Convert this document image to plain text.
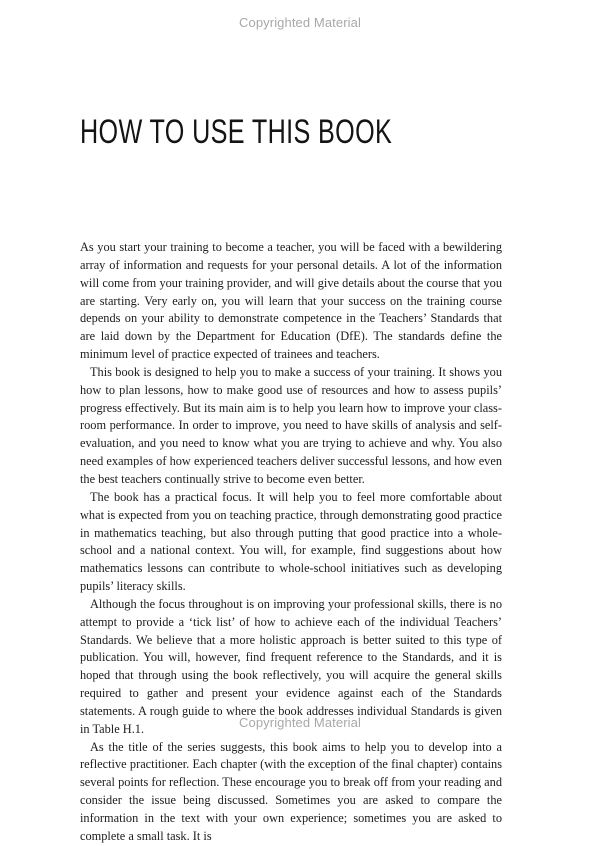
Copyrighted Material
HOW TO USE THIS BOOK

As you start your training to become a teacher, you will be faced with a bewildering array of information and requests for your personal details. A lot of the information will come from your training provider, and will give details about the course that you are starting. Very early on, you will learn that your success on the training course depends on your ability to demonstrate competence in the Teachers’ Standards that are laid down by the Department for Education (DfE). The standards define the minimum level of practice expected of trainees and teachers.

This book is designed to help you to make a success of your training. It shows you how to plan lessons, how to make good use of resources and how to assess pupils’ progress effectively. But its main aim is to help you learn how to improve your classroom performance. In order to improve, you need to have skills of analysis and self-evaluation, and you need to know what you are trying to achieve and why. You also need examples of how experienced teachers deliver successful lessons, and how even the best teachers continually strive to become even better.

The book has a practical focus. It will help you to feel more comfortable about what is expected from you on teaching practice, through demonstrating good practice in mathematics teaching, but also through putting that good practice into a whole-school and a national context. You will, for example, find suggestions about how mathematics lessons can contribute to whole-school initiatives such as developing pupils’ literacy skills.

Although the focus throughout is on improving your professional skills, there is no attempt to provide a ‘tick list’ of how to achieve each of the individual Teachers’ Standards. We believe that a more holistic approach is better suited to this type of publication. You will, however, find frequent reference to the Standards, and it is hoped that through using the book reflectively, you will acquire the general skills required to gather and present your evidence against each of the Standards statements. A rough guide to where the book addresses individual Standards is given in Table H.1.

As the title of the series suggests, this book aims to help you to develop into a reflective practitioner. Each chapter (with the exception of the final chapter) contains several points for reflection. These encourage you to break off from your reading and consider the issue being discussed. Sometimes you are asked to compare the information in the text with your own experience; sometimes you are asked to complete a small task. It is

Copyrighted Material
